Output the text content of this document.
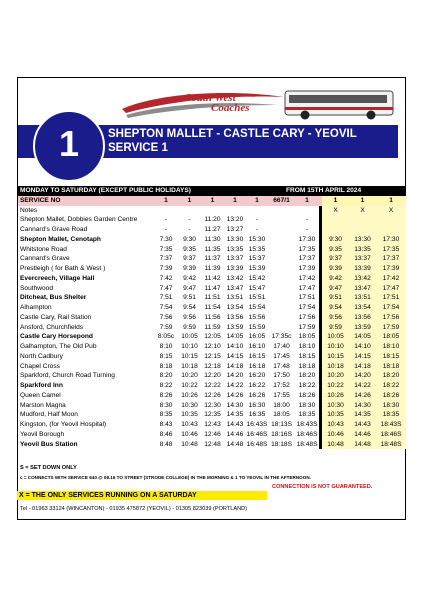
South West
Coaches
1	SHEPTON MALLET - CASTLE CARY - YEOVIL
SERVICE 1
MONDAY TO SATURDAY (EXCEPT PUBLIC HOLIDAYS)						FROM 15TH APRIL 2024					
SERVICE NO	1	1	1	1	1	667/1	1		1	1	1
Notes									X	X	X
Shepton Mallet, Dobbies Garden Centre	-	-	11:20	13:20	-		-				
Cannard's Grave Road	-	-	11:27	13:27	-		-				
Shepton Mallet, Cenotaph	7:30	9:30	11:30	13:30	15:30		17:30		9:30	13:30	17:30
Whitstone Road	7:35	9:35	11:35	13:35	15:35		17:35		9:35	13:35	17:35
Cannard's Grave	7:37	9:37	11:37	13:37	15:37		17:37		9:37	13:37	17:37
Prestleigh ( for Bath & West )	7:39	9:39	11:39	13:39	15:39		17:39		9:39	13:39	17:39
Evercreech, Village Hall	7:42	9:42	11:42	13:42	15:42		17:42		9:42	13:42	17:42
Southwood	7:47	9:47	11:47	13:47	15:47		17:47		9:47	13:47	17:47
Ditcheat, Bus Shelter	7:51	9:51	11:51	13:51	15:51		17:51		9:51	13:51	17:51
Alhampton	7:54	9:54	11:54	13:54	15:54		17:54		9:54	13:54	17:54
Castle Cary, Rail Station	7:56	9:56	11:56	13:56	15:56		17:56		9:56	13:56	17:56
Ansford, Churchfields	7:59	9:59	11:59	13:59	15:59		17:59		9:59	13:59	17:59
Castle Cary Horsepond	8:05c	10:05	12:05	14:05	16:05	17:35c	18:05		10:05	14:05	18:05
Galhampton, The Old Pub	8:10	10:10	12:10	14:10	16:10	17:40	18:10		10:10	14:10	18:10
North Cadbury	8:15	10:15	12:15	14:15	16:15	17:45	18:15		10:15	14:15	18:15
Chapel Cross	8:18	10:18	12:18	14:18	16:18	17:48	18:18		10:18	14:18	18:18
Sparkford, Church Road Turning	8:20	10:20	12:20	14:20	16:20	17:50	18:20		10:20	14:20	18:20
Sparkford Inn	8:22	10:22	12:22	14:22	16:22	17:52	18:22		10:22	14:22	18:22
Queen Camel	8:26	10:26	12:26	14:26	16:26	17:55	18:26		10:26	14:26	18:26
Marston Magna	8:30	10:30	12:30	14:30	16:30	18:00	18:30		10:30	14:30	18:30
Mudford, Half Moon	8:35	10:35	12:35	14:35	16:35	18:05	18:35		10:35	14:35	18:35
Kingston, (for Yeovil Hospital)	8:43	10:43	12:43	14:43	16:43S	18:13S	18:43S		10:43	14:43	18:43S
Yeovil Borough	8:46	10:46	12:46	14:46	16:46S	18:16S	18:46S		10:46	14:46	18:46S
Yeovil Bus Station	8:48	10:48	12:48	14:48	16:48S	18:18S	18:48S		10:48	14:48	18:48S
S = SET DOWN ONLY
c = CONNECTS WITH SERVICE 640 @ 08.16 TO STREET (STRODE COLLEGE) IN THE MORNING & 1 TO YEOVIL IN THE AFTERNOON.
CONNECTION IS NOT GUARANTEED.
X = THE ONLY SERVICES RUNNING ON A SATURDAY
Tel - 01963 33124 (WINCANTON) - 01935 475872 (YEOVIL) - 01305 823039 (PORTLAND)
